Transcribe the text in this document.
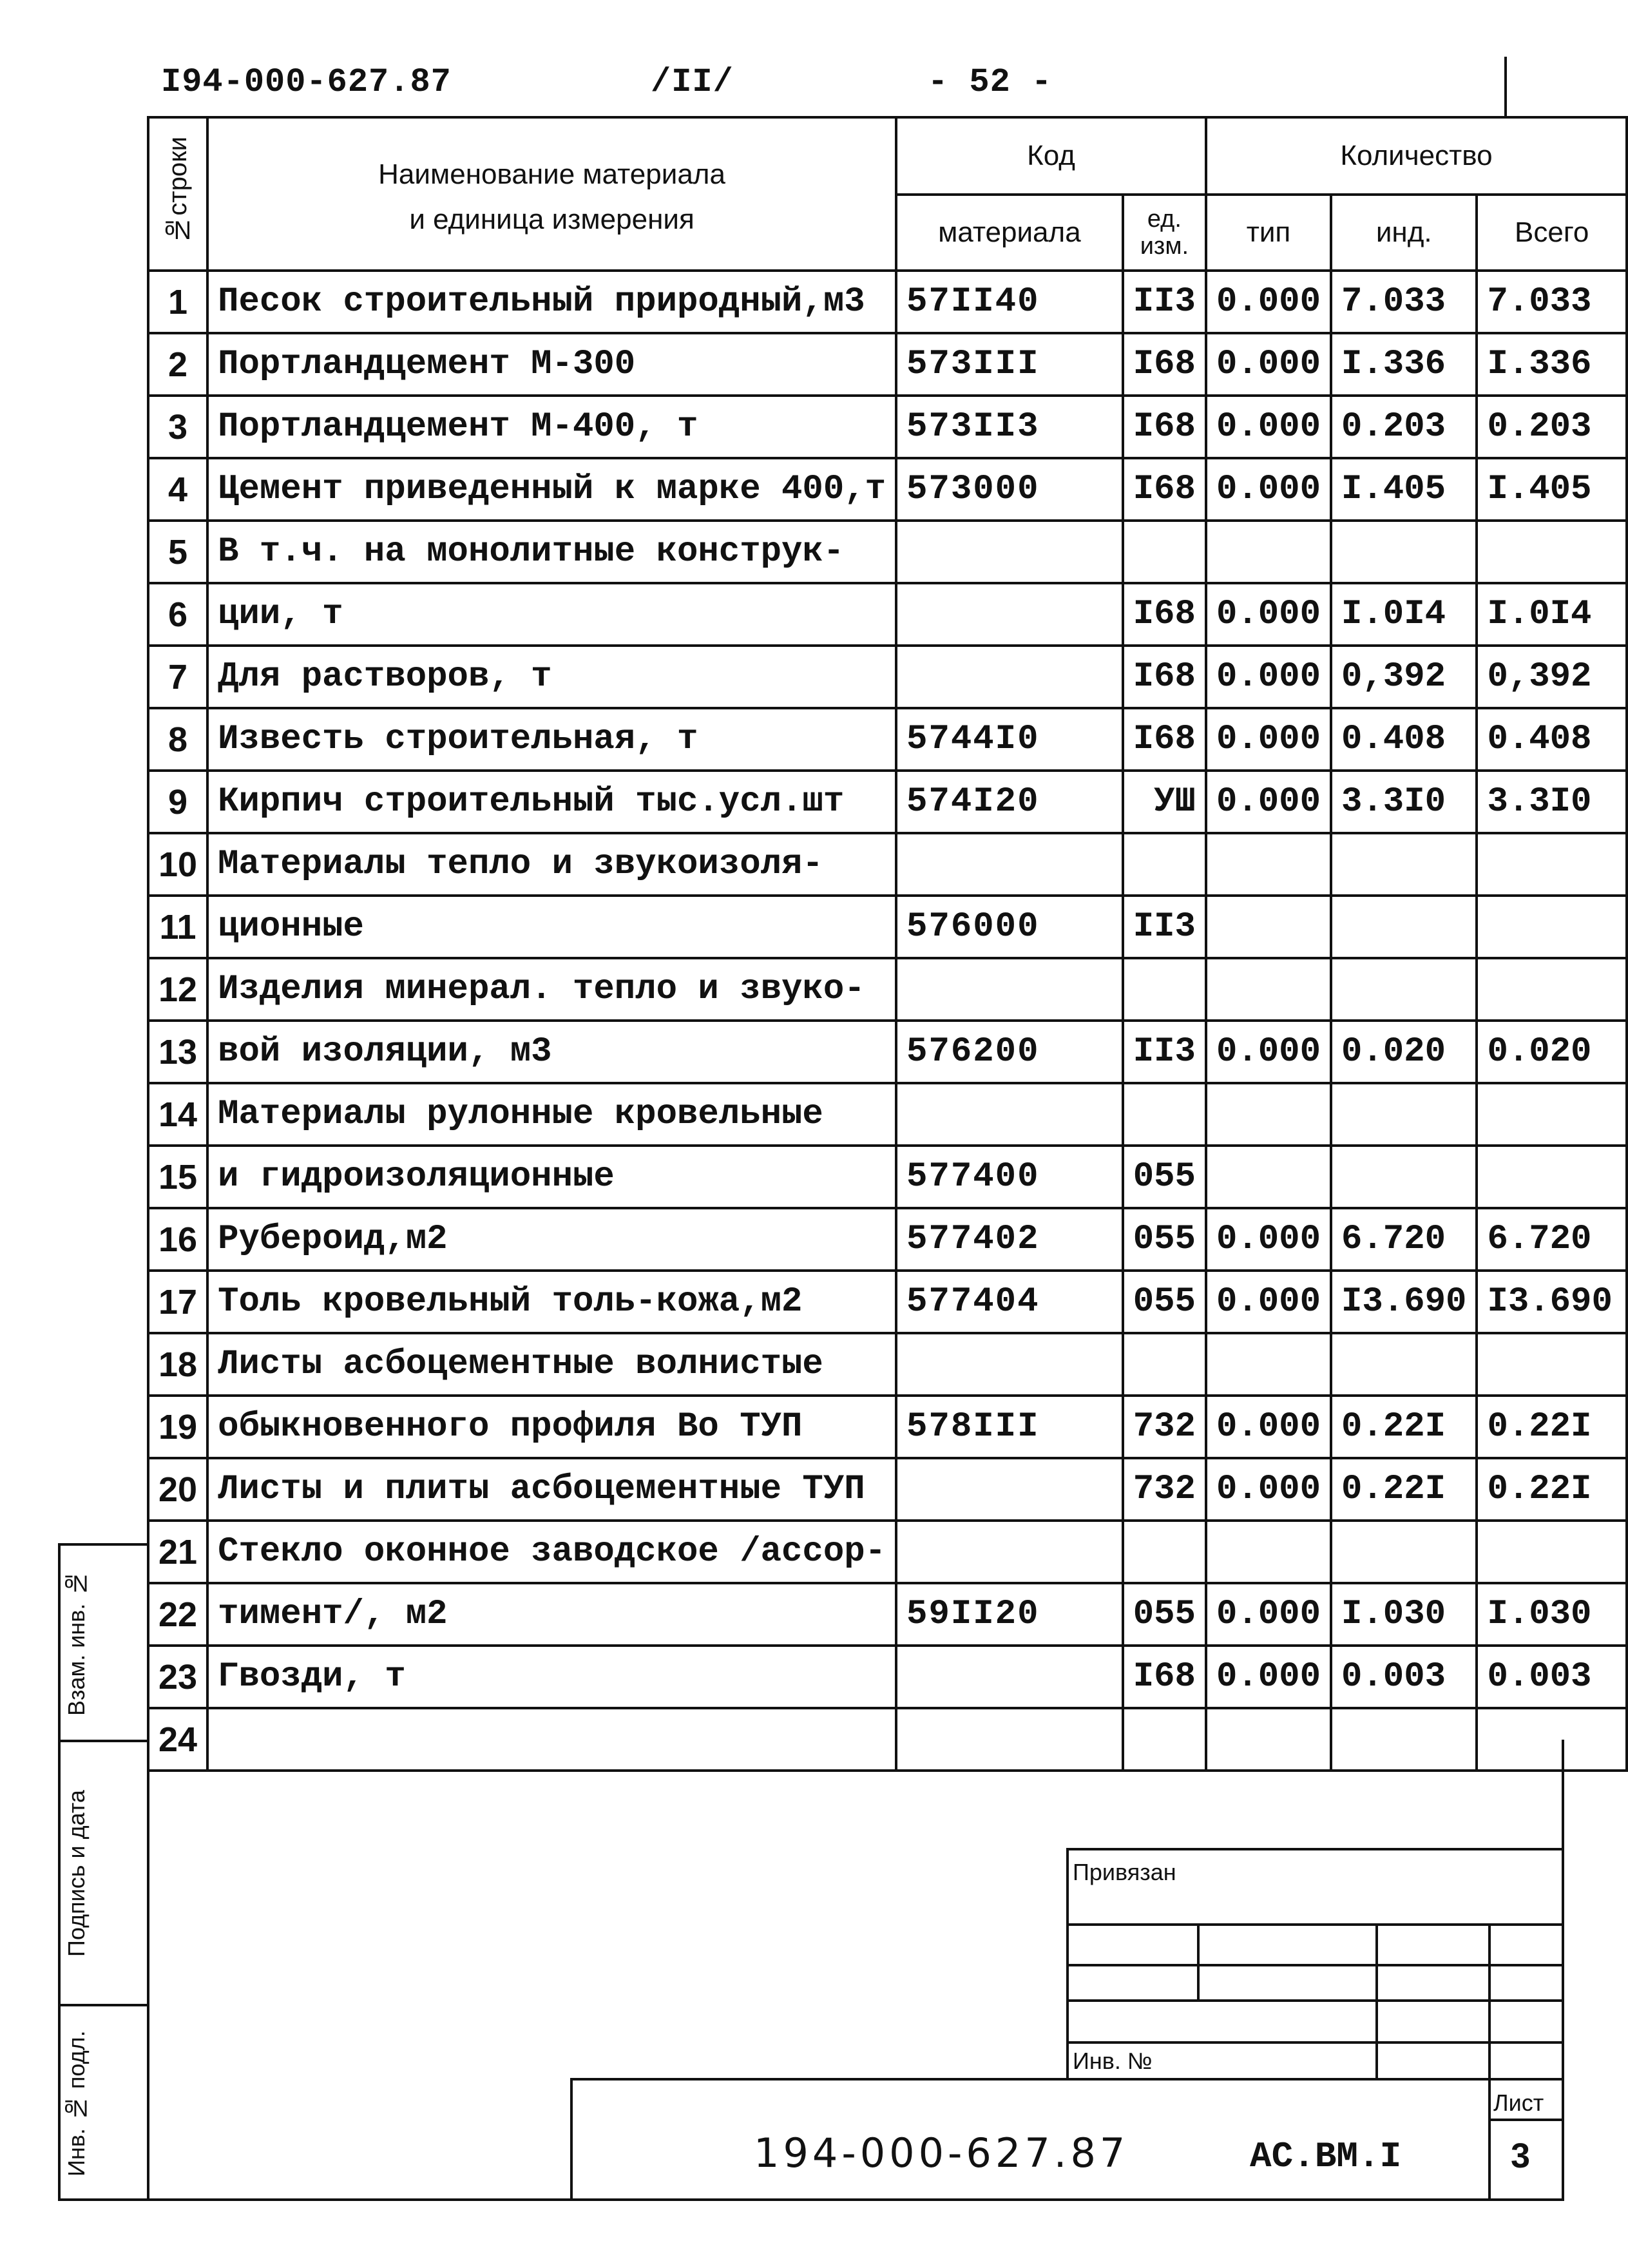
I94-000-627.87	/II/	- 52 -
№строки	Наименование материала
и единица измерения	Код		Количество		
		материала	ед. изм.	тип	инд.	Всего
1	Песок строительный природный,м3	57II40	II3	0.000	7.033	7.033
2	Портландцемент М-300	573III	I68	0.000	I.336	I.336
3	Портландцемент М-400, т	573II3	I68	0.000	0.203	0.203
4	Цемент приведенный к марке 400,т	573000	I68	0.000	I.405	I.405
5	В т.ч. на монолитные конструк-					
6	ции, т		I68	0.000	I.0I4	I.0I4
7	Для растворов, т		I68	0.000	0,392	0,392
8	Известь строительная, т	5744I0	I68	0.000	0.408	0.408
9	Кирпич строительный тыс.усл.шт	574I20	УШ	0.000	3.3I0	3.3I0
10	Материалы тепло и звукоизоля-					
11	ционные	576000	II3			
12	Изделия минерал. тепло и звуко-					
13	вой изоляции, м3	576200	II3	0.000	0.020	0.020
14	Материалы рулонные кровельные					
15	и гидроизоляционные	577400	055			
16	Рубероид,м2	577402	055	0.000	6.720	6.720
17	Толь кровельный толь-кожа,м2	577404	055	0.000	I3.690	I3.690
18	Листы асбоцементные волнистые					
19	обыкновенного профиля Во ТУП	578III	732	0.000	0.22I	0.22I
20	Листы и плиты асбоцементные ТУП		732	0.000	0.22I	0.22I
21	Стекло оконное заводское /ассор-					
22	тимент/, м2	59II20	055	0.000	I.030	I.030
23	Гвозди, т		I68	0.000	0.003	0.003
24						
Взам. инв. №
Подпись и дата
Инв. № подл.
Привязан
Инв. №
Лист
3
194-000-627.87	АС.ВМ.I
